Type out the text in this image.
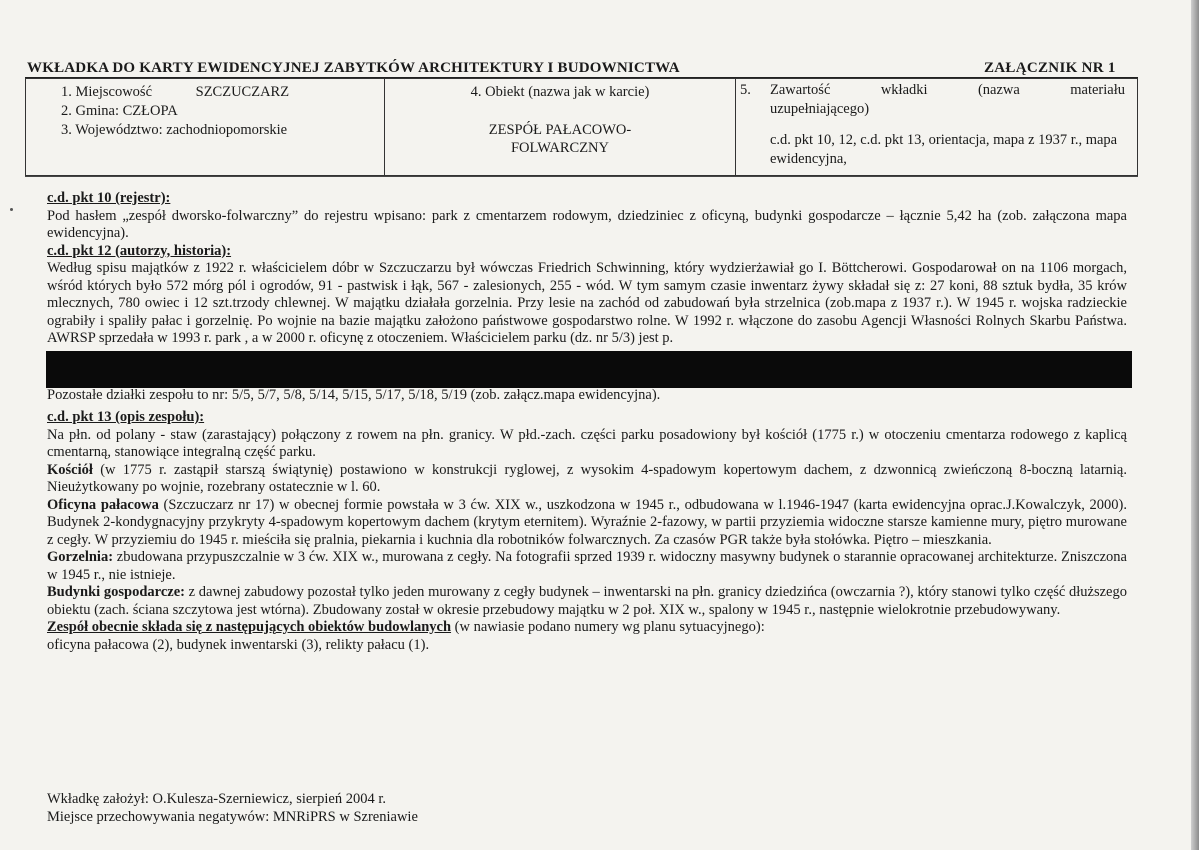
WKŁADKA DO KARTY EWIDENCYJNEJ ZABYTKÓW ARCHITEKTURY I BUDOWNICTWA	ZAŁĄCZNIK NR 1
1. Miejscowość	SZCZUCZARZ
2. Gmina: CZŁOPA
3. Województwo: zachodniopomorskie
4. Obiekt (nazwa jak w karcie)
ZESPÓŁ PAŁACOWO-
FOLWARCZNY
5. Zawartość wkładki (nazwa materiału
uzupełniającego)
c.d. pkt 10, 12, c.d. pkt 13, orientacja, mapa z 1937 r., mapa ewidencyjna,

c.d. pkt 10 (rejestr):

Pod hasłem „zespół dworsko-folwarczny” do rejestru wpisano: park z cmentarzem rodowym, dziedziniec z oficyną, budynki gospodarcze – łącznie 5,42 ha (zob. załączona mapa ewidencyjna).

c.d. pkt 12 (autorzy, historia):

Według spisu majątków z 1922 r. właścicielem dóbr w Szczuczarzu był wówczas Friedrich Schwinning, który wydzierżawiał go I. Böttcherowi. Gospodarował on na 1106 morgach, wśród których było 572 mórg pól i ogrodów, 91 - pastwisk i łąk, 567 - zalesionych, 255 - wód. W tym samym czasie inwentarz żywy składał się z: 27 koni, 88 sztuk bydła, 35 krów mlecznych, 780 owiec i 12 szt.trzody chlewnej. W majątku działała gorzelnia. Przy lesie na zachód od zabudowań była strzelnica (zob.mapa z 1937 r.). W 1945 r. wojska radzieckie ograbiły i spaliły pałac i gorzelnię. Po wojnie na bazie majątku założono państwowe gospodarstwo rolne. W 1992 r. włączone do zasobu Agencji Własności Rolnych Skarbu Państwa. AWRSP sprzedała w 1993 r. park , a w 2000 r. oficynę z otoczeniem. Właścicielem parku (dz. nr 5/3) jest p.

Pozostałe działki zespołu to nr: 5/5, 5/7, 5/8, 5/14, 5/15, 5/17, 5/18, 5/19 (zob. załącz.mapa ewidencyjna).

c.d. pkt 13 (opis zespołu):

Na płn. od polany - staw (zarastający) połączony z rowem na płn. granicy. W płd.-zach. części parku posadowiony był kościół (1775 r.) w otoczeniu cmentarza rodowego z kaplicą cmentarną, stanowiące integralną część parku.

Kościół (w 1775 r. zastąpił starszą świątynię) postawiono w konstrukcji ryglowej, z wysokim 4-spadowym kopertowym dachem, z dzwonnicą zwieńczoną 8-boczną latarnią. Nieużytkowany po wojnie, rozebrany ostatecznie w l. 60.

Oficyna pałacowa (Szczuczarz nr 17) w obecnej formie powstała w 3 ćw. XIX w., uszkodzona w 1945 r., odbudowana w l.1946-1947 (karta ewidencyjna oprac.J.Kowalczyk, 2000). Budynek 2-kondygnacyjny przykryty 4-spadowym kopertowym dachem (krytym eternitem). Wyraźnie 2-fazowy, w partii przyziemia widoczne starsze kamienne mury, piętro murowane z cegły. W przyziemiu do 1945 r. mieściła się pralnia, piekarnia i kuchnia dla robotników folwarcznych. Za czasów PGR także była stołówka. Piętro – mieszkania.

Gorzelnia: zbudowana przypuszczalnie w 3 ćw. XIX w., murowana z cegły. Na fotografii sprzed 1939 r. widoczny masywny budynek o starannie opracowanej architekturze. Zniszczona w 1945 r., nie istnieje.

Budynki gospodarcze: z dawnej zabudowy pozostał tylko jeden murowany z cegły budynek – inwentarski na płn. granicy dziedzińca (owczarnia ?), który stanowi tylko część dłuższego obiektu (zach. ściana szczytowa jest wtórna). Zbudowany został w okresie przebudowy majątku w 2 poł. XIX w., spalony w 1945 r., następnie wielokrotnie przebudowywany.

Zespół obecnie składa się z następujących obiektów budowlanych (w nawiasie podano numery wg planu sytuacyjnego):

oficyna pałacowa (2), budynek inwentarski (3), relikty pałacu (1).

Wkładkę założył: O.Kulesza-Szerniewicz, sierpień 2004 r.
Miejsce przechowywania negatywów: MNRiPRS w Szreniawie
